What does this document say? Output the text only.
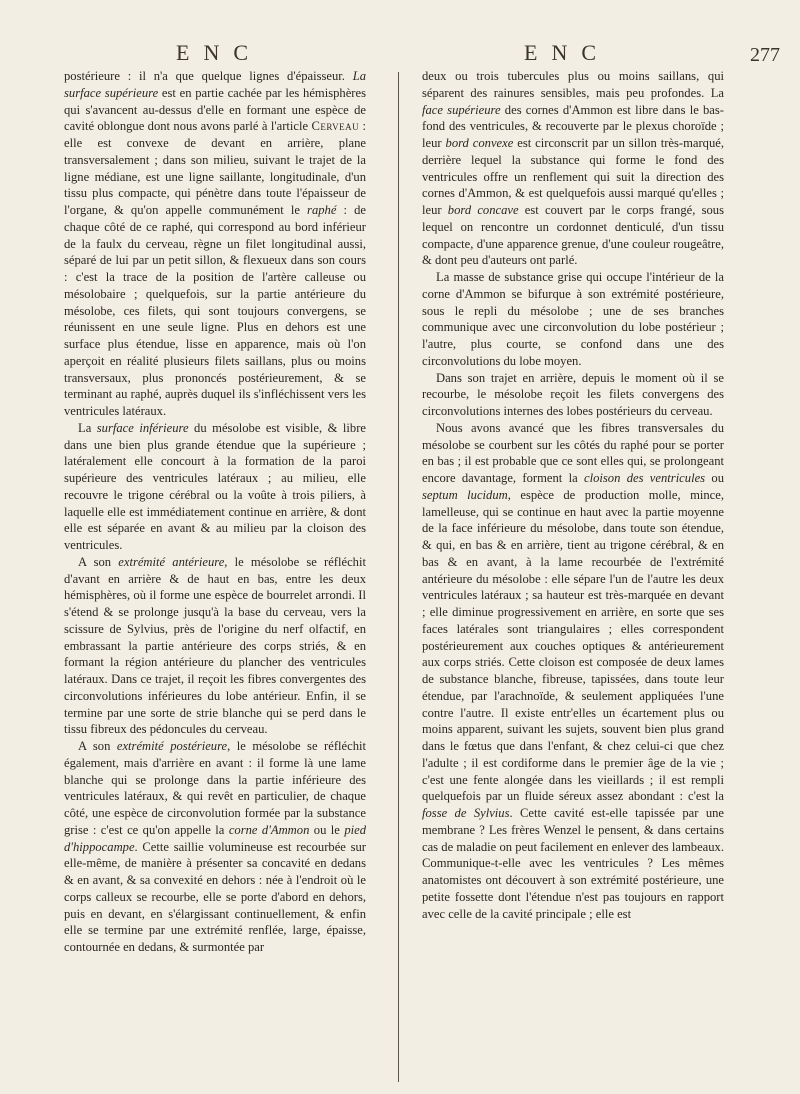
ENC	ENC	277

postérieure : il n'a que quelque lignes d'épaisseur. La surface supérieure est en partie cachée par les hémisphères qui s'avancent au-dessus d'elle en formant une espèce de cavité oblongue dont nous avons parlé à l'article Cerveau : elle est convexe de devant en arrière, plane transversalement ; dans son milieu, suivant le trajet de la ligne médiane, est une ligne saillante, longitudinale, d'un tissu plus compacte, qui pénètre dans toute l'épaisseur de l'organe, & qu'on appelle communément le raphé : de chaque côté de ce raphé, qui correspond au bord inférieur de la faulx du cerveau, règne un filet longitudinal aussi, séparé de lui par un petit sillon, & flexueux dans son cours : c'est la trace de la position de l'artère calleuse ou mésolobaire ; quelquefois, sur la partie antérieure du mésolobe, ces filets, qui sont toujours convergens, se réunissent en une seule ligne. Plus en dehors est une surface plus étendue, lisse en apparence, mais où l'on aperçoit en réalité plusieurs filets saillans, plus ou moins transversaux, plus prononcés postérieurement, & se terminant au raphé, auprès duquel ils s'infléchissent vers les ventricules latéraux.

La surface inférieure du mésolobe est visible, & libre dans une bien plus grande étendue que la supérieure ; latéralement elle concourt à la formation de la paroi supérieure des ventricules latéraux ; au milieu, elle recouvre le trigone cérébral ou la voûte à trois piliers, à laquelle elle est immédiatement continue en arrière, & dont elle est séparée en avant & au milieu par la cloison des ventricules.

A son extrémité antérieure, le mésolobe se réfléchit d'avant en arrière & de haut en bas, entre les deux hémisphères, où il forme une espèce de bourrelet arrondi. Il s'étend & se prolonge jusqu'à la base du cerveau, vers la scissure de Sylvius, près de l'origine du nerf olfactif, en embrassant la partie antérieure des corps striés, & en formant la région antérieure du plancher des ventricules latéraux. Dans ce trajet, il reçoit les fibres convergentes des circonvolutions inférieures du lobe antérieur. Enfin, il se termine par une sorte de strie blanche qui se perd dans le tissu fibreux des pédoncules du cerveau.

A son extrémité postérieure, le mésolobe se réfléchit également, mais d'arrière en avant : il forme là une lame blanche qui se prolonge dans la partie inférieure des ventricules latéraux, & qui revêt en particulier, de chaque côté, une espèce de circonvolution formée par la substance grise : c'est ce qu'on appelle la corne d'Ammon ou le pied d'hippocampe. Cette saillie volumineuse est recourbée sur elle-même, de manière à présenter sa concavité en dedans & en avant, & sa convexité en dehors : née à l'endroit où le corps calleux se recourbe, elle se porte d'abord en dehors, puis en devant, en s'élargissant continuellement, & enfin elle se termine par une extrémité renflée, large, épaisse, contournée en dedans, & surmontée par

deux ou trois tubercules plus ou moins saillans, qui séparent des rainures sensibles, mais peu profondes. La face supérieure des cornes d'Ammon est libre dans le bas-fond des ventricules, & recouverte par le plexus choroïde ; leur bord convexe est circonscrit par un sillon très-marqué, derrière lequel la substance qui forme le fond des ventricules offre un renflement qui suit la direction des cornes d'Ammon, & est quelquefois aussi marqué qu'elles ; leur bord concave est couvert par le corps frangé, sous lequel on rencontre un cordonnet denticulé, d'un tissu compacte, d'une apparence grenue, d'une couleur rougeâtre, & dont peu d'auteurs ont parlé.

La masse de substance grise qui occupe l'intérieur de la corne d'Ammon se bifurque à son extrémité postérieure, sous le repli du mésolobe ; une de ses branches communique avec une circonvolution du lobe postérieur ; l'autre, plus courte, se confond dans une des circonvolutions du lobe moyen.

Dans son trajet en arrière, depuis le moment où il se recourbe, le mésolobe reçoit les filets convergens des circonvolutions internes des lobes postérieurs du cerveau.

Nous avons avancé que les fibres transversales du mésolobe se courbent sur les côtés du raphé pour se porter en bas ; il est probable que ce sont elles qui, se prolongeant encore davantage, forment la cloison des ventricules ou septum lucidum, espèce de production molle, mince, lamelleuse, qui se continue en haut avec la partie moyenne de la face inférieure du mésolobe, dans toute son étendue, & qui, en bas & en arrière, tient au trigone cérébral, & en bas & en avant, à la lame recourbée de l'extrémité antérieure du mésolobe : elle sépare l'un de l'autre les deux ventricules latéraux ; sa hauteur est très-marquée en devant ; elle diminue progressivement en arrière, en sorte que ses faces latérales sont triangulaires ; elles correspondent postérieurement aux couches optiques & antérieurement aux corps striés. Cette cloison est composée de deux lames de substance blanche, fibreuse, tapissées, dans toute leur étendue, par l'arachnoïde, & seulement appliquées l'une contre l'autre. Il existe entr'elles un écartement plus ou moins apparent, suivant les sujets, souvent bien plus grand dans le fœtus que dans l'enfant, & chez celui-ci que chez l'adulte ; il est cordiforme dans le premier âge de la vie ; c'est une fente alongée dans les vieillards ; il est rempli quelquefois par un fluide séreux assez abondant : c'est la fosse de Sylvius. Cette cavité est-elle tapissée par une membrane ? Les frères Wenzel le pensent, & dans certains cas de maladie on peut facilement en enlever des lambeaux. Communique-t-elle avec les ventricules ? Les mêmes anatomistes ont découvert à son extrémité postérieure, une petite fossette dont l'étendue n'est pas toujours en rapport avec celle de la cavité principale ; elle est
